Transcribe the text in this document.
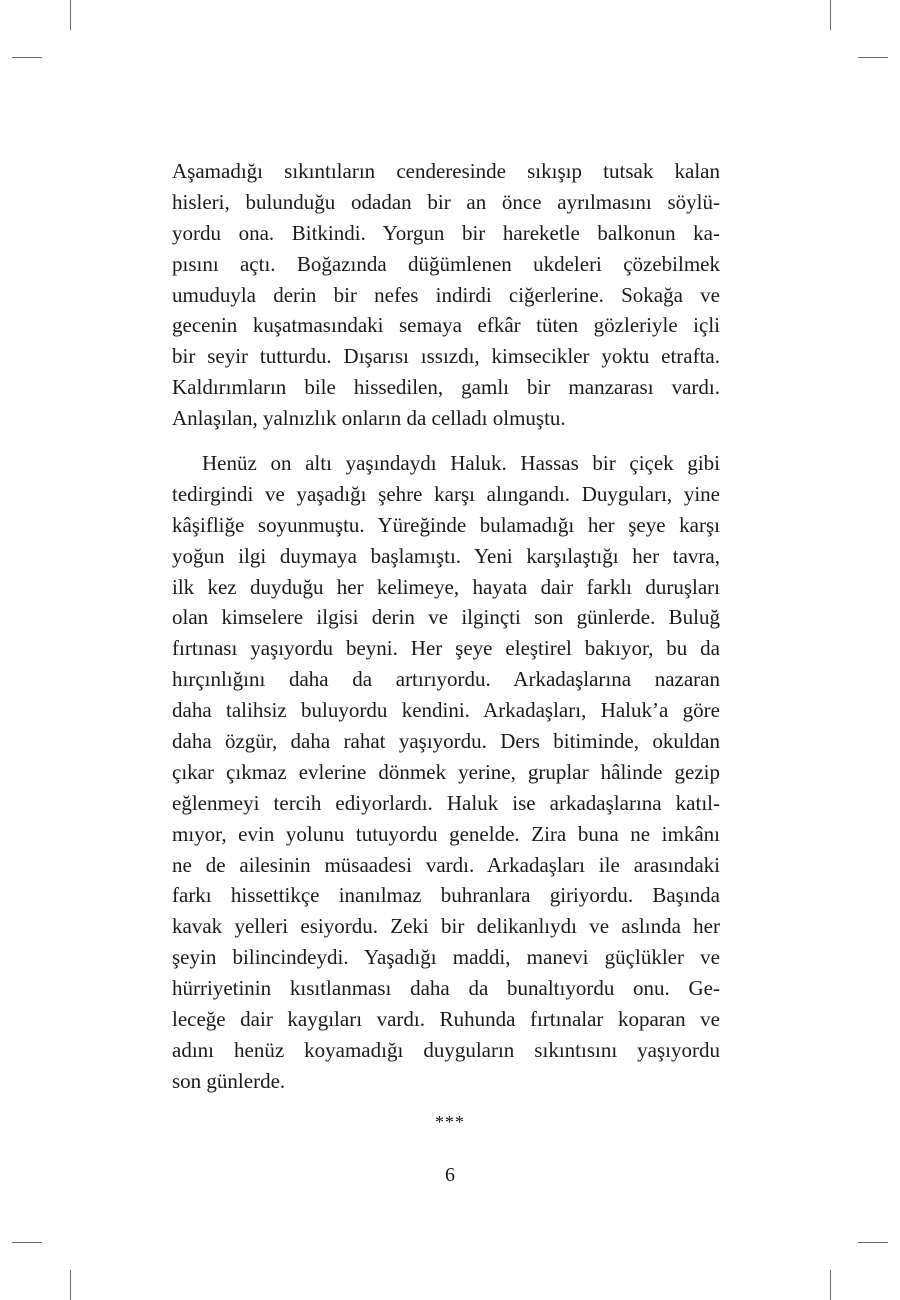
Aşamadığı sıkıntıların cenderesinde sıkışıp tutsak kalan
hisleri, bulunduğu odadan bir an önce ayrılmasını söylü-
yordu ona. Bitkindi. Yorgun bir hareketle balkonun ka-
pısını açtı. Boğazında düğümlenen ukdeleri çözebilmek
umuduyla derin bir nefes indirdi ciğerlerine. Sokağa ve
gecenin kuşatmasındaki semaya efkâr tüten gözleriyle içli
bir seyir tutturdu. Dışarısı ıssızdı, kimsecikler yoktu etrafta.
Kaldırımların bile hissedilen, gamlı bir manzarası vardı.
Anlaşılan, yalnızlık onların da celladı olmuştu.
Henüz on altı yaşındaydı Haluk. Hassas bir çiçek gibi
tedirgindi ve yaşadığı şehre karşı alıngandı. Duyguları, yine
kâşifliğe soyunmuştu. Yüreğinde bulamadığı her şeye karşı
yoğun ilgi duymaya başlamıştı. Yeni karşılaştığı her tavra,
ilk kez duyduğu her kelimeye, hayata dair farklı duruşları
olan kimselere ilgisi derin ve ilginçti son günlerde. Buluğ
fırtınası yaşıyordu beyni. Her şeye eleştirel bakıyor, bu da
hırçınlığını daha da artırıyordu. Arkadaşlarına nazaran
daha talihsiz buluyordu kendini. Arkadaşları, Haluk’a göre
daha özgür, daha rahat yaşıyordu. Ders bitiminde, okuldan
çıkar çıkmaz evlerine dönmek yerine, gruplar hâlinde gezip
eğlenmeyi tercih ediyorlardı. Haluk ise arkadaşlarına katıl-
mıyor, evin yolunu tutuyordu genelde. Zira buna ne imkânı
ne de ailesinin müsaadesi vardı. Arkadaşları ile arasındaki
farkı hissettikçe inanılmaz buhranlara giriyordu. Başında
kavak yelleri esiyordu. Zeki bir delikanlıydı ve aslında her
şeyin bilincindeydi. Yaşadığı maddi, manevi güçlükler ve
hürriyetinin kısıtlanması daha da bunaltıyordu onu. Ge-
leceğe dair kaygıları vardı. Ruhunda fırtınalar koparan ve
adını henüz koyamadığı duyguların sıkıntısını yaşıyordu
son günlerde.
***
6
